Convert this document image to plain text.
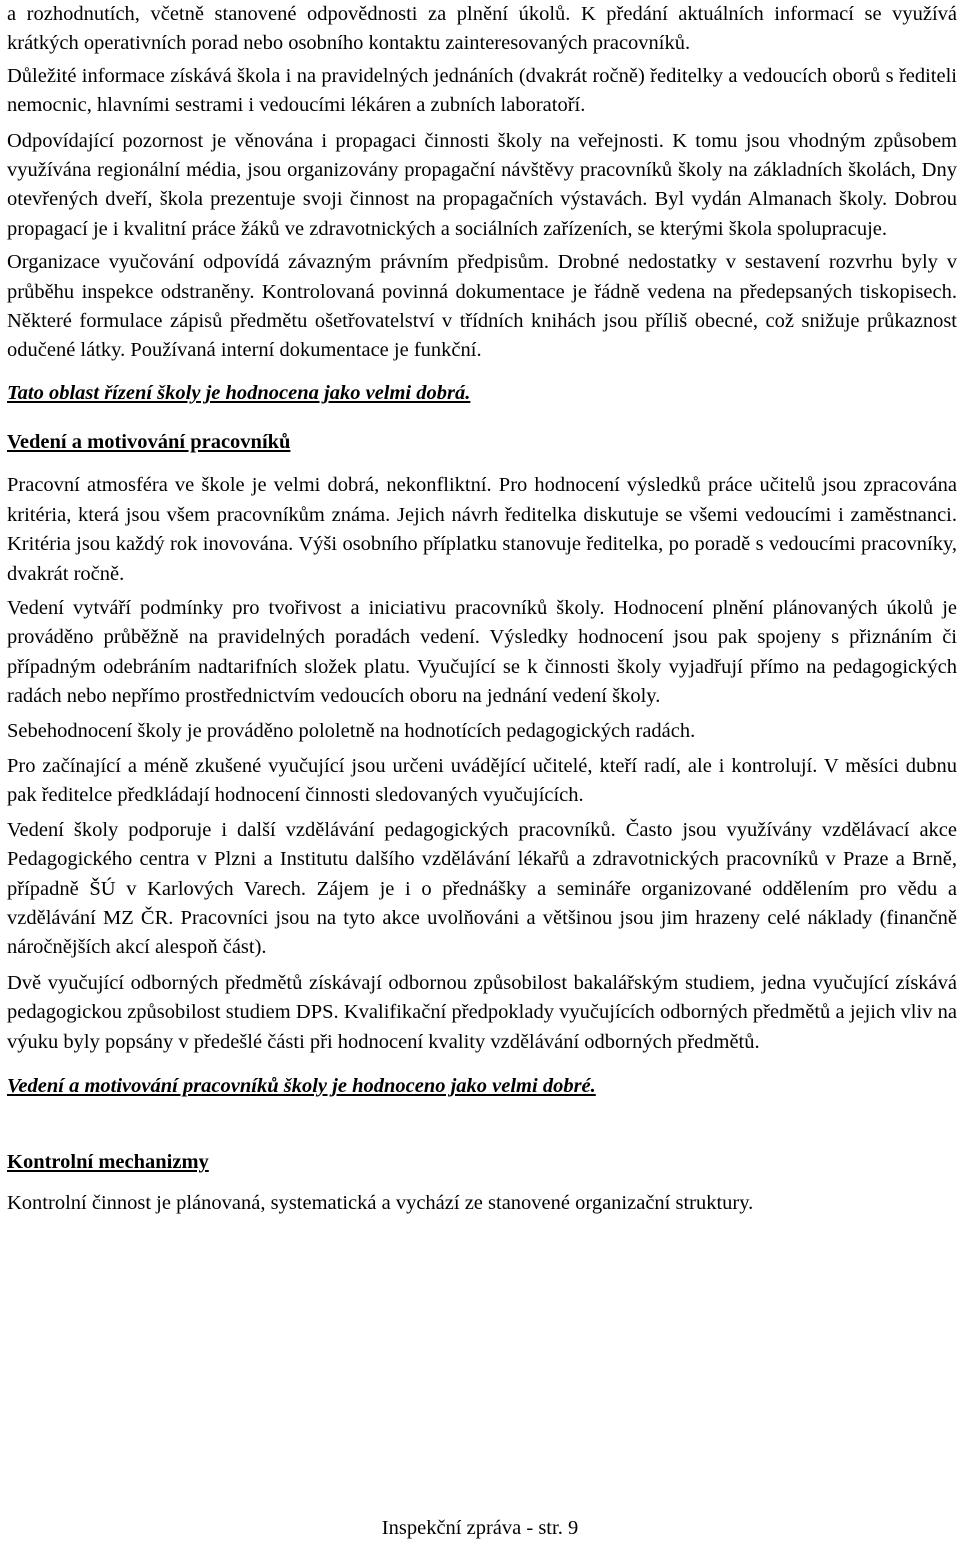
a rozhodnutích, včetně stanovené odpovědnosti za plnění úkolů. K předání aktuálních informací se využívá krátkých operativních porad nebo osobního kontaktu zainteresovaných pracovníků.

Důležité informace získává škola i na pravidelných jednáních (dvakrát ročně) ředitelky a vedoucích oborů s řediteli nemocnic, hlavními sestrami i vedoucími lékáren a zubních laboratoří.

Odpovídající pozornost je věnována i propagaci činnosti školy na veřejnosti. K tomu jsou vhodným způsobem využívána regionální média, jsou organizovány propagační návštěvy pracovníků školy na základních školách, Dny otevřených dveří, škola prezentuje svoji činnost na propagačních výstavách. Byl vydán Almanach školy. Dobrou propagací je i kvalitní práce žáků ve zdravotnických a sociálních zařízeních, se kterými škola spolupracuje.

Organizace vyučování odpovídá závazným právním předpisům. Drobné nedostatky v sestavení rozvrhu byly v průběhu inspekce odstraněny. Kontrolovaná povinná dokumentace je řádně vedena na předepsaných tiskopisech. Některé formulace zápisů předmětu ošetřovatelství v třídních knihách jsou příliš obecné, což snižuje průkaznost odučené látky. Používaná interní dokumentace je funkční.

Tato oblast řízení školy je hodnocena jako velmi dobrá.

Vedení a motivování pracovníků

Pracovní atmosféra ve škole je velmi dobrá, nekonfliktní. Pro hodnocení výsledků práce učitelů jsou zpracována kritéria, která jsou všem pracovníkům známa. Jejich návrh ředitelka diskutuje se všemi vedoucími i zaměstnanci. Kritéria jsou každý rok inovována. Výši osobního příplatku stanovuje ředitelka, po poradě s vedoucími pracovníky, dvakrát ročně.

Vedení vytváří podmínky pro tvořivost a iniciativu pracovníků školy. Hodnocení plnění plánovaných úkolů je prováděno průběžně na pravidelných poradách vedení. Výsledky hodnocení jsou pak spojeny s přiznáním či případným odebráním nadtarifních složek platu. Vyučující se k činnosti školy vyjadřují přímo na pedagogických radách nebo nepřímo prostřednictvím vedoucích oboru na jednání vedení školy.

Sebehodnocení školy je prováděno pololetně na hodnotících pedagogických radách.

Pro začínající a méně zkušené vyučující jsou určeni uvádějící učitelé, kteří radí, ale i kontrolují. V měsíci dubnu pak ředitelce předkládají hodnocení činnosti sledovaných vyučujících.

Vedení školy podporuje i další vzdělávání pedagogických pracovníků. Často jsou využívány vzdělávací akce Pedagogického centra v Plzni a Institutu dalšího vzdělávání lékařů a zdravotnických pracovníků v Praze a Brně, případně ŠÚ v Karlových Varech. Zájem je i o přednášky a semináře organizované oddělením pro vědu a vzdělávání MZ ČR. Pracovníci jsou na tyto akce uvolňováni a většinou jsou jim hrazeny celé náklady (finančně náročnějších akcí alespoň část).

Dvě vyučující odborných předmětů získávají odbornou způsobilost bakalářským studiem, jedna vyučující získává pedagogickou způsobilost studiem DPS. Kvalifikační předpoklady vyučujících odborných předmětů a jejich vliv na výuku byly popsány v předešlé části při hodnocení kvality vzdělávání odborných předmětů.

Vedení a motivování pracovníků školy je hodnoceno jako velmi dobré.

Kontrolní mechanizmy

Kontrolní činnost je plánovaná, systematická a vychází ze stanovené organizační struktury.

Inspekční zpráva - str. 9
